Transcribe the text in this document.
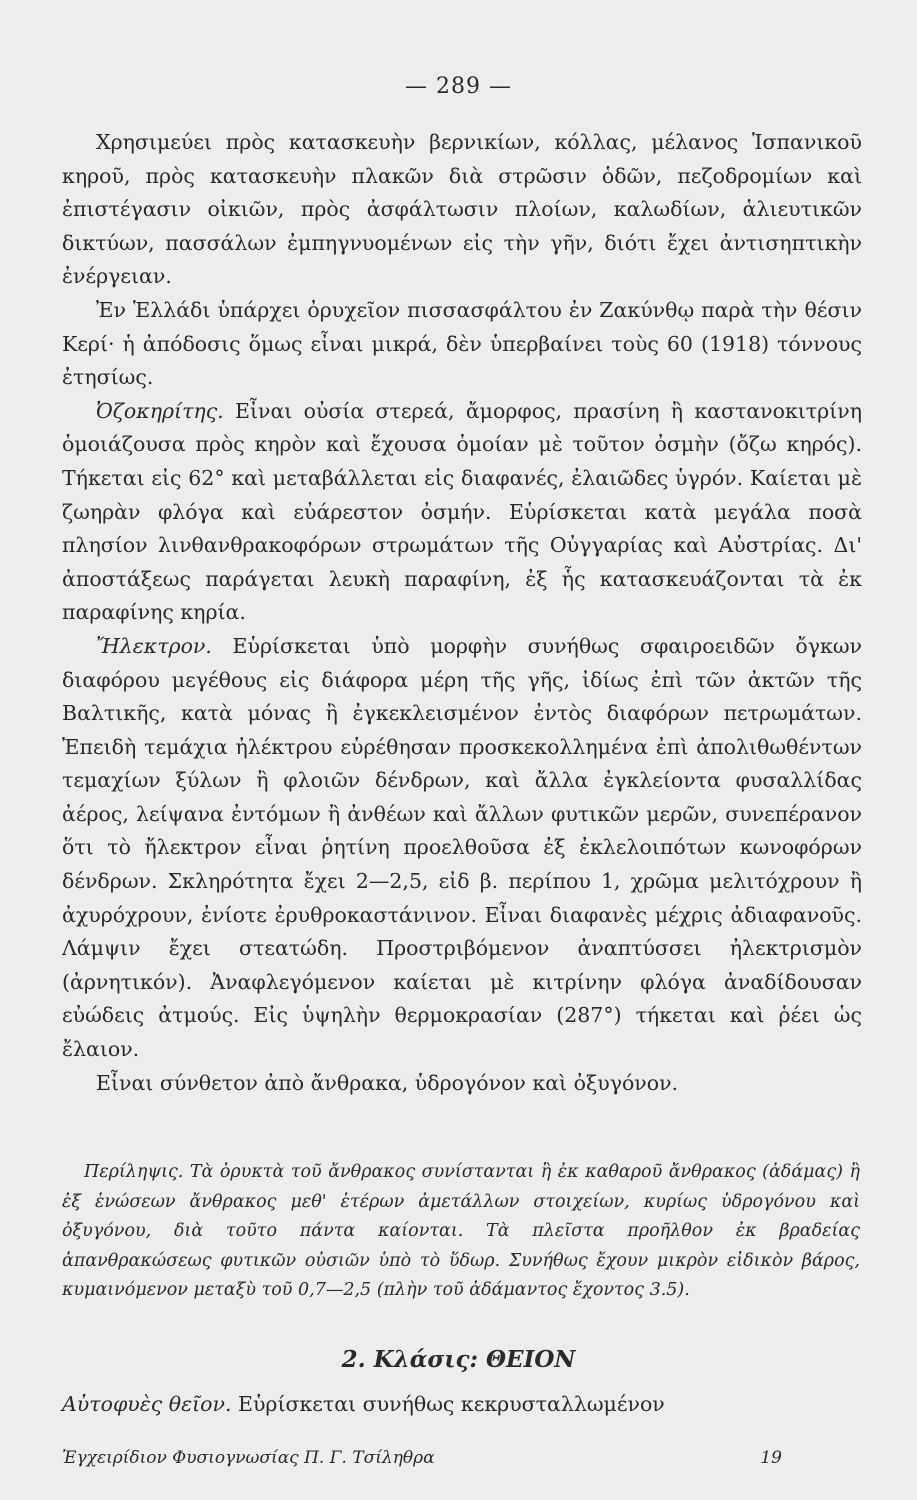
— 289 —

Χρησιμεύει πρὸς κατασκευὴν βερνικίων, κόλλας, μέλανος Ἱσπανικοῦ κηροῦ, πρὸς κατασκευὴν πλακῶν διὰ στρῶσιν ὁδῶν, πεζοδρομίων καὶ ἐπιστέγασιν οἰκιῶν, πρὸς ἀσφάλτωσιν πλοίων, καλωδίων, ἁλιευτικῶν δικτύων, πασσάλων ἐμπηγνυομένων εἰς τὴν γῆν, διότι ἔχει ἀντισηπτικὴν ἐνέργειαν.

Ἐν Ἑλλάδι ὑπάρχει ὀρυχεῖον πισσασφάλτου ἐν Ζακύνθῳ παρὰ τὴν θέσιν Κερί· ἡ ἀπόδοσις ὅμως εἶναι μικρά, δὲν ὑπερβαίνει τοὺς 60 (1918) τόννους ἐτησίως.

Ὀζοκηρίτης. Εἶναι οὐσία στερεά, ἄμορφος, πρασίνη ἢ καστανοκιτρίνη ὁμοιάζουσα πρὸς κηρὸν καὶ ἔχουσα ὁμοίαν μὲ τοῦτον ὀσμὴν (ὄζω κηρός). Τήκεται εἰς 62° καὶ μεταβάλλεται εἰς διαφανές, ἐλαιῶδες ὑγρόν. Καίεται μὲ ζωηρὰν φλόγα καὶ εὐάρεστον ὀσμήν. Εὑρίσκεται κατὰ μεγάλα ποσὰ πλησίον λινθανθρακοφόρων στρωμάτων τῆς Οὐγγαρίας καὶ Αὐστρίας. Δι' ἀποστάξεως παράγεται λευκὴ παραφίνη, ἐξ ἧς κατασκευάζονται τὰ ἐκ παραφίνης κηρία.

Ἤλεκτρον. Εὑρίσκεται ὑπὸ μορφὴν συνήθως σφαιροειδῶν ὄγκων διαφόρου μεγέθους εἰς διάφορα μέρη τῆς γῆς, ἰδίως ἐπὶ τῶν ἀκτῶν τῆς Βαλτικῆς, κατὰ μόνας ἢ ἐγκεκλεισμένον ἐντὸς διαφόρων πετρωμάτων. Ἐπειδὴ τεμάχια ἠλέκτρου εὑρέθησαν προσκεκολλημένα ἐπὶ ἀπολιθωθέντων τεμαχίων ξύλων ἢ φλοιῶν δένδρων, καὶ ἄλλα ἐγκλείοντα φυσαλλίδας ἀέρος, λείψανα ἐντόμων ἢ ἀνθέων καὶ ἄλλων φυτικῶν μερῶν, συνεπέρανον ὅτι τὸ ἤλεκτρον εἶναι ῥητίνη προελθοῦσα ἐξ ἐκλελοιπότων κωνοφόρων δένδρων. Σκληρότητα ἔχει 2—2,5, εἰδ β. περίπου 1, χρῶμα μελιτόχρουν ἢ ἀχυρόχρουν, ἐνίοτε ἐρυθροκαστάνινον. Εἶναι διαφανὲς μέχρις ἀδιαφανοῦς. Λάμψιν ἔχει στεατώδη. Προστριβόμενον ἀναπτύσσει ἠλεκτρισμὸν (ἀρνητικόν). Ἀναφλεγόμενον καίεται μὲ κιτρίνην φλόγα ἀναδίδουσαν εὐώδεις ἀτμούς. Εἰς ὑψηλὴν θερμοκρασίαν (287°) τήκεται καὶ ῥέει ὡς ἔλαιον.

Εἶναι σύνθετον ἀπὸ ἄνθρακα, ὑδρογόνον καὶ ὀξυγόνον.

Περίληψις. Τὰ ὀρυκτὰ τοῦ ἄνθρακος συνίστανται ἢ ἐκ καθαροῦ ἄνθρακος (ἀδάμας) ἢ ἐξ ἑνώσεων ἄνθρακος μεθ' ἑτέρων ἀμετάλλων στοιχείων, κυρίως ὑδρογόνου καὶ ὀξυγόνου, διὰ τοῦτο πάντα καίονται. Τὰ πλεῖστα προῆλθον ἐκ βραδείας ἀπανθρακώσεως φυτικῶν οὐσιῶν ὑπὸ τὸ ὕδωρ. Συνήθως ἔχουν μικρὸν εἰδικὸν βάρος, κυμαινόμενον μεταξὺ τοῦ 0,7—2,5 (πλὴν τοῦ ἀδάμαντος ἔχοντος 3.5).

2. Κλάσις: ΘΕΙΟΝ
Αὐτοφυὲς θεῖον. Εὑρίσκεται συνήθως κεκρυσταλλωμένον
Ἐγχειρίδιον Φυσιογνωσίας Π. Γ. Τσίληθρα	19
